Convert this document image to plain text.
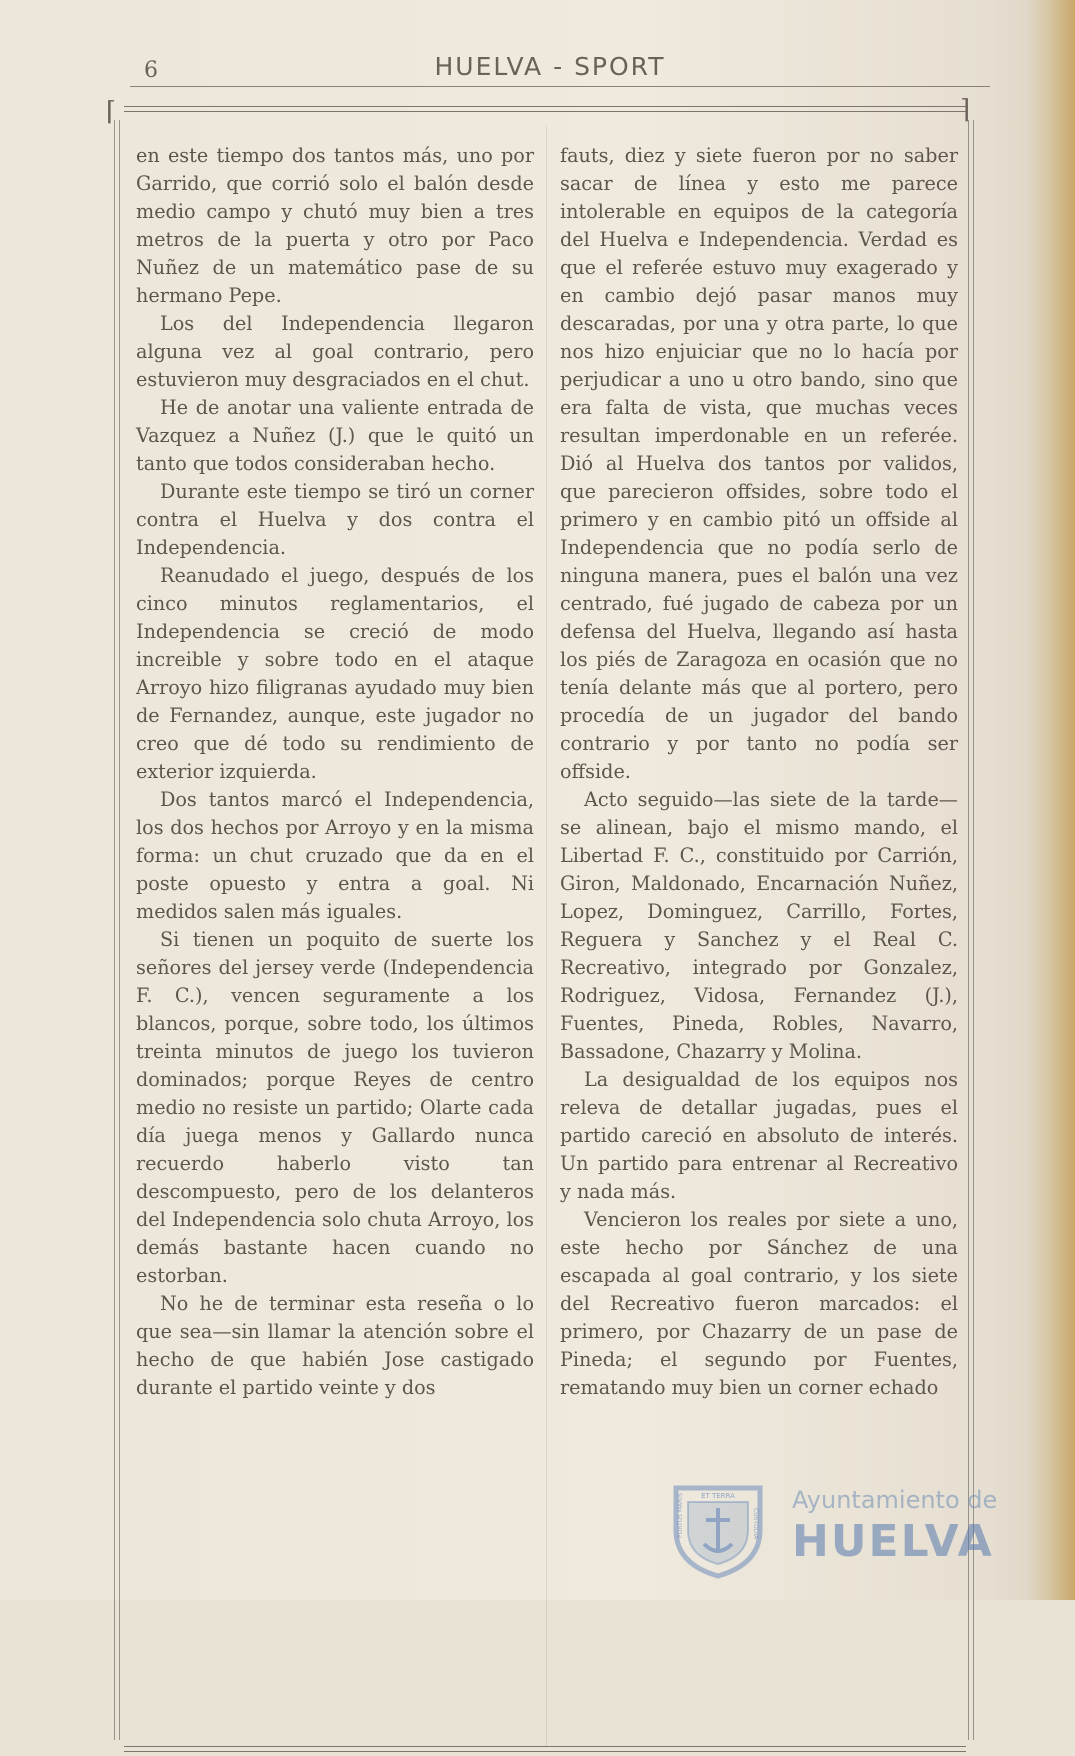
6	HUELVA - SPORT
⌈	⌉

en este tiempo dos tantos más, uno por Garrido, que corrió solo el balón desde medio campo y chutó muy bien a tres metros de la puerta y otro por Paco Nuñez de un matemático pase de su hermano Pepe.

Los del Independencia llegaron alguna vez al goal contrario, pero estuvieron muy desgraciados en el chut.

He de anotar una valiente entrada de Vazquez a Nuñez (J.) que le quitó un tanto que todos consideraban hecho.

Durante este tiempo se tiró un corner contra el Huelva y dos contra el Independencia.

Reanudado el juego, después de los cinco minutos reglamentarios, el Independencia se creció de modo increible y sobre todo en el ataque Arroyo hizo filigranas ayudado muy bien de Fernandez, aunque, este jugador no creo que dé todo su rendimiento de exterior izquierda.

Dos tantos marcó el Independencia, los dos hechos por Arroyo y en la misma forma: un chut cruzado que da en el poste opuesto y entra a goal. Ni medidos salen más iguales.

Si tienen un poquito de suerte los señores del jersey verde (Independencia F. C.), vencen seguramente a los blancos, porque, sobre todo, los últimos treinta minutos de juego los tuvieron dominados; porque Reyes de centro medio no resiste un partido; Olarte cada día juega menos y Gallardo nunca recuerdo haberlo visto tan descompuesto, pero de los delanteros del Independencia solo chuta Arroyo, los demás bastante hacen cuando no estorban.

No he de terminar esta reseña o lo que sea—sin llamar la atención sobre el hecho de que habién Jose castigado durante el partido veinte y dos

fauts, diez y siete fueron por no saber sacar de línea y esto me parece intolerable en equipos de la categoría del Huelva e Independencia. Verdad es que el referée estuvo muy exagerado y en cambio dejó pasar manos muy descaradas, por una y otra parte, lo que nos hizo enjuiciar que no lo hacía por perjudicar a uno u otro bando, sino que era falta de vista, que muchas veces resultan imperdonable en un referée. Dió al Huelva dos tantos por validos, que parecieron offsides, sobre todo el primero y en cambio pitó un offside al Independencia que no podía serlo de ninguna manera, pues el balón una vez centrado, fué jugado de cabeza por un defensa del Huelva, llegando así hasta los piés de Zaragoza en ocasión que no tenía delante más que al portero, pero procedía de un jugador del bando contrario y por tanto no podía ser offside.

Acto seguido—las siete de la tarde—se alinean, bajo el mismo mando, el Libertad F. C., constituido por Carrión, Giron, Maldonado, Encarnación Nuñez, Lopez, Dominguez, Carrillo, Fortes, Reguera y Sanchez y el Real C. Recreativo, integrado por Gonzalez, Rodriguez, Vidosa, Fernandez (J.), Fuentes, Pineda, Robles, Navarro, Bassadone, Chazarry y Molina.

La desigualdad de los equipos nos releva de detallar jugadas, pues el partido careció en absoluto de interés. Un partido para entrenar al Recreativo y nada más.

Vencieron los reales por siete a uno, este hecho por Sánchez de una escapada al goal contrario, y los siete del Recreativo fueron marcados: el primero, por Chazarry de un pase de Pineda; el segundo por Fuentes, rematando muy bien un corner echado

ET TERRA
PORTUS MARIS	CUSTODIA
Ayuntamiento de
HUELVA
